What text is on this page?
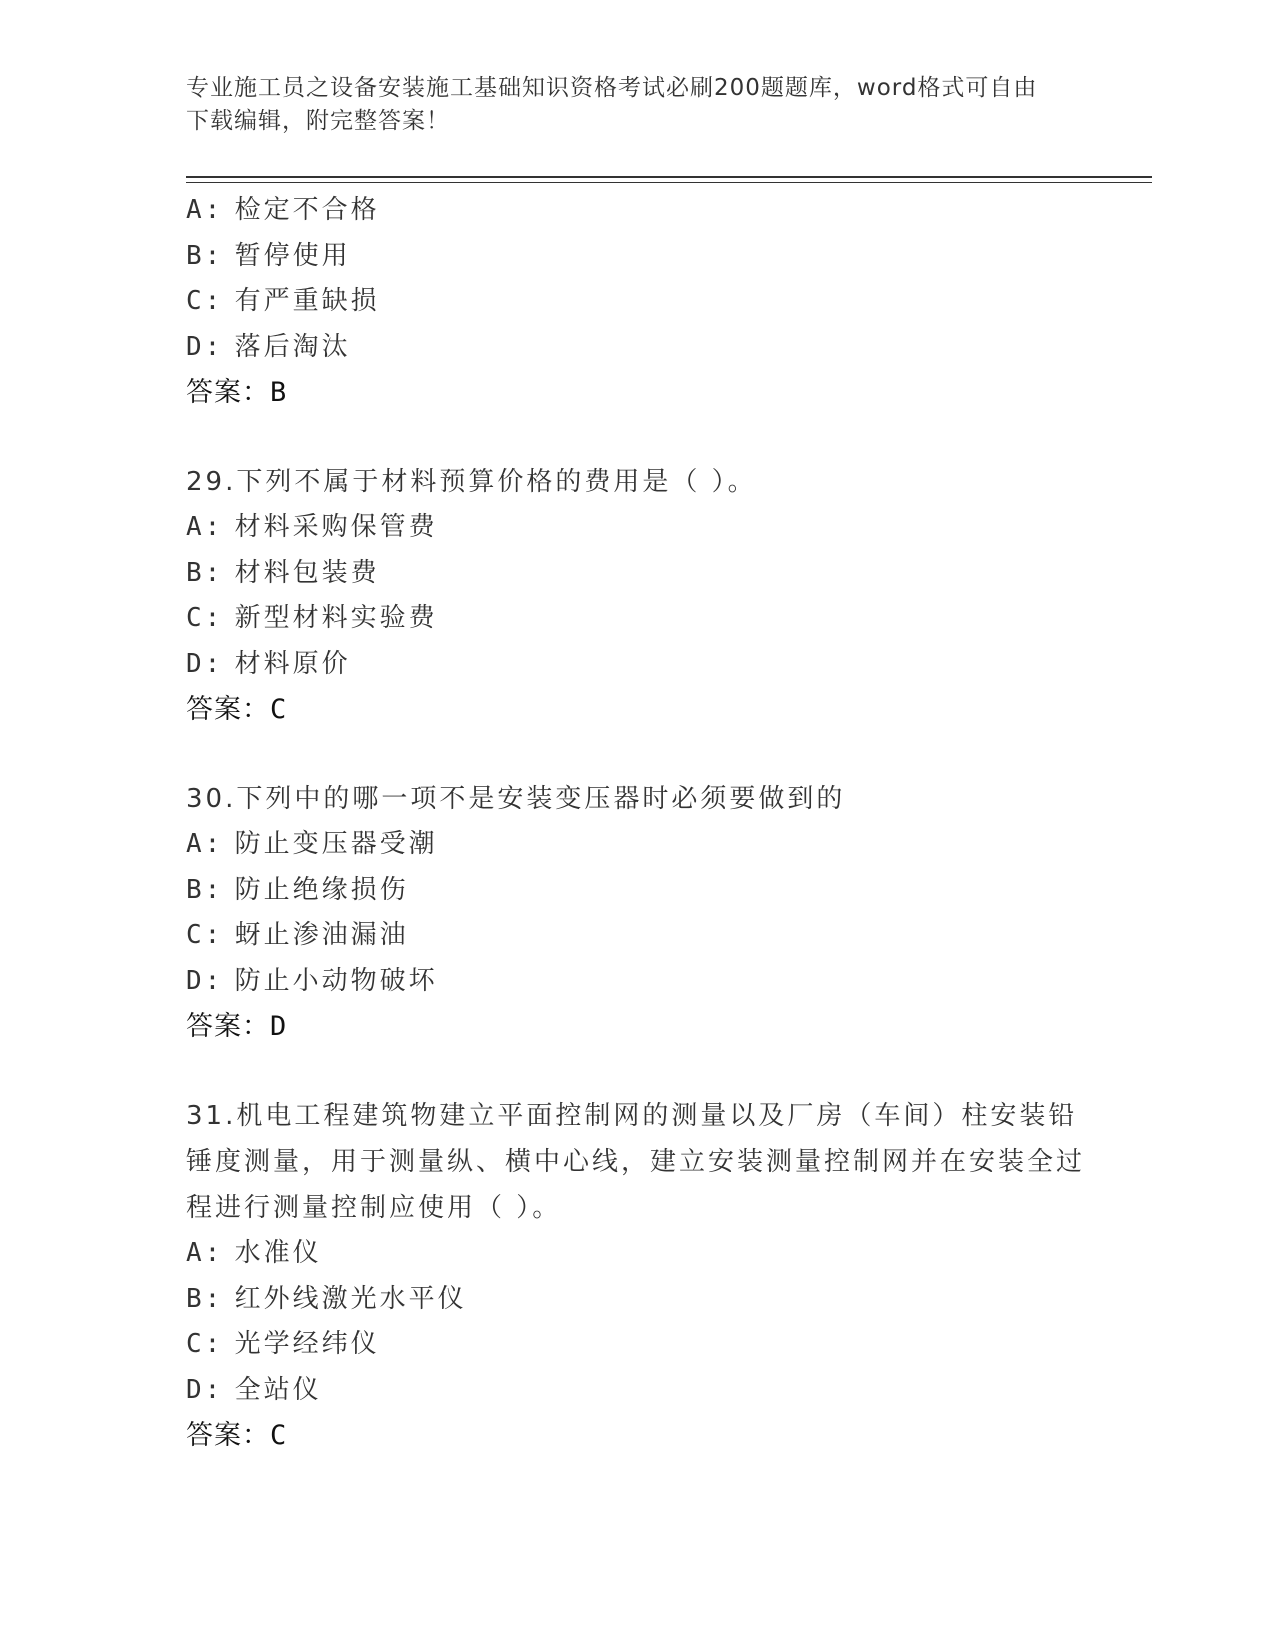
专业施工员之设备安装施工基础知识资格考试必刷200题题库，word格式可自由
下载编辑，附完整答案！
A: 检定不合格
B: 暂停使用
C: 有严重缺损
D: 落后淘汰
答案：B
29.下列不属于材料预算价格的费用是（ ）。
A: 材料采购保管费
B: 材料包装费
C: 新型材料实验费
D: 材料原价
答案：C
30.下列中的哪一项不是安装变压器时必须要做到的
A: 防止变压器受潮
B: 防止绝缘损伤
C: 蚜止渗油漏油
D: 防止小动物破坏
答案：D
31.机电工程建筑物建立平面控制网的测量以及厂房（车间）柱安装铅锤度测量，用于测量纵、横中心线，建立安装测量控制网并在安装全过程进行测量控制应使用（ ）。
A: 水准仪
B: 红外线激光水平仪
C: 光学经纬仪
D: 全站仪
答案：C
